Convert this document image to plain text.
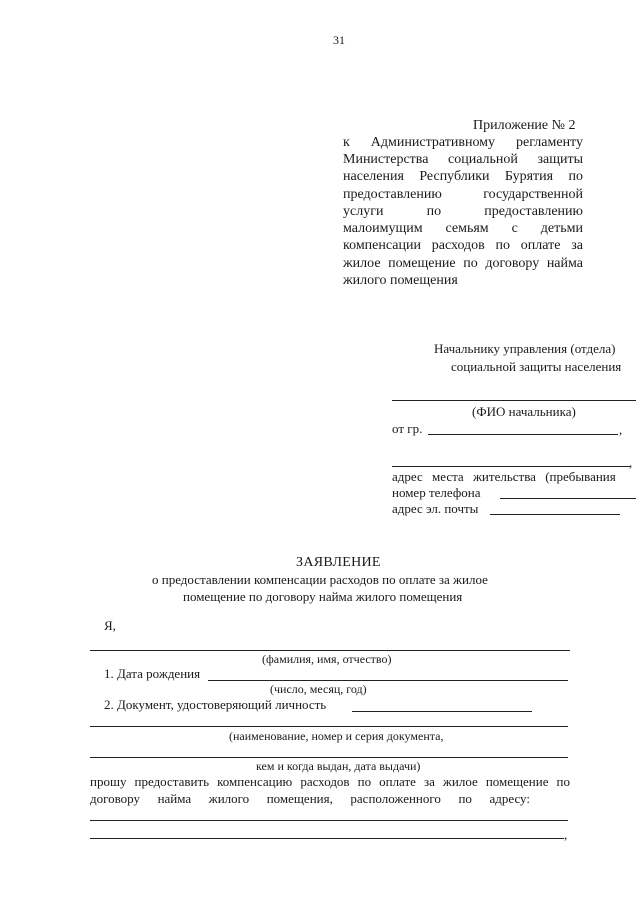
31
Приложение № 2
к Административному регламенту
Министерства социальной защиты
населения Республики Бурятия по
предоставлению государственной
услуги по предоставлению
малоимущим семьям с детьми
компенсации расходов по оплате за
жилое помещение по договору найма
жилого помещения
Начальнику управления (отдела)
социальной защиты населения
(ФИО начальника)
от гр.	,
,
адрес места жительства (пребывания
номер телефона
адрес эл. почты
ЗАЯВЛЕНИЕ
о предоставлении компенсации расходов по оплате за жилое
помещение по договору найма жилого помещения
Я,
(фамилия, имя, отчество)
1. Дата рождения
(число, месяц, год)
2. Документ, удостоверяющий личность
(наименование, номер и серия документа,
кем и когда выдан, дата выдачи)
прошу предоставить компенсацию расходов по оплате за жилое помещение по
договору найма жилого помещения, расположенного по адресу:
,
